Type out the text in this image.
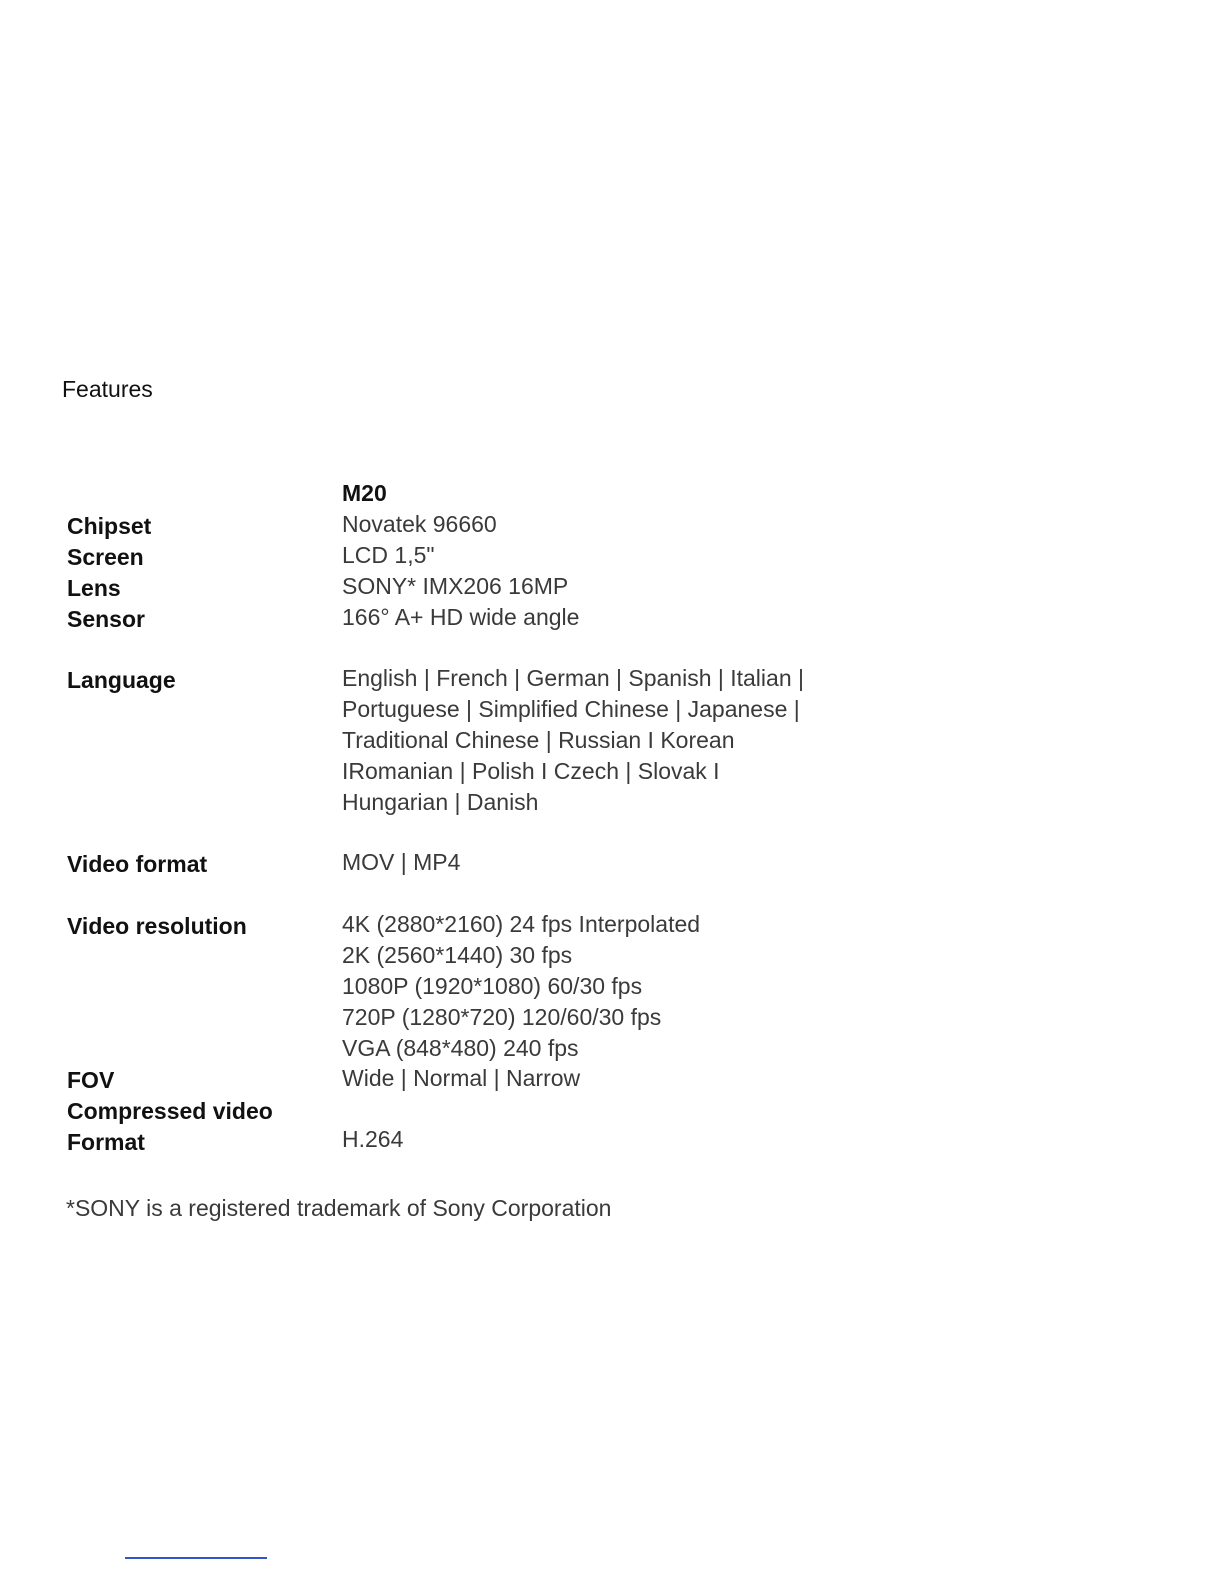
Features
M20
Chipset	Novatek 96660
Screen	LCD 1,5"
Lens	SONY* IMX206 16MP
Sensor	166° A+ HD wide angle
Language	English | French | German | Spanish | Italian |
Portuguese | Simplified Chinese | Japanese |
Traditional Chinese | Russian I Korean
IRomanian | Polish I Czech | Slovak I
Hungarian | Danish
Video format	MOV | MP4
Video resolution	4K (2880*2160) 24 fps Interpolated
2K (2560*1440) 30 fps
1080P (1920*1080) 60/30 fps
720P (1280*720) 120/60/30 fps
VGA (848*480) 240 fps
FOV	Wide | Normal | Narrow
Compressed video
Format	H.264
*SONY is a registered trademark of Sony Corporation
